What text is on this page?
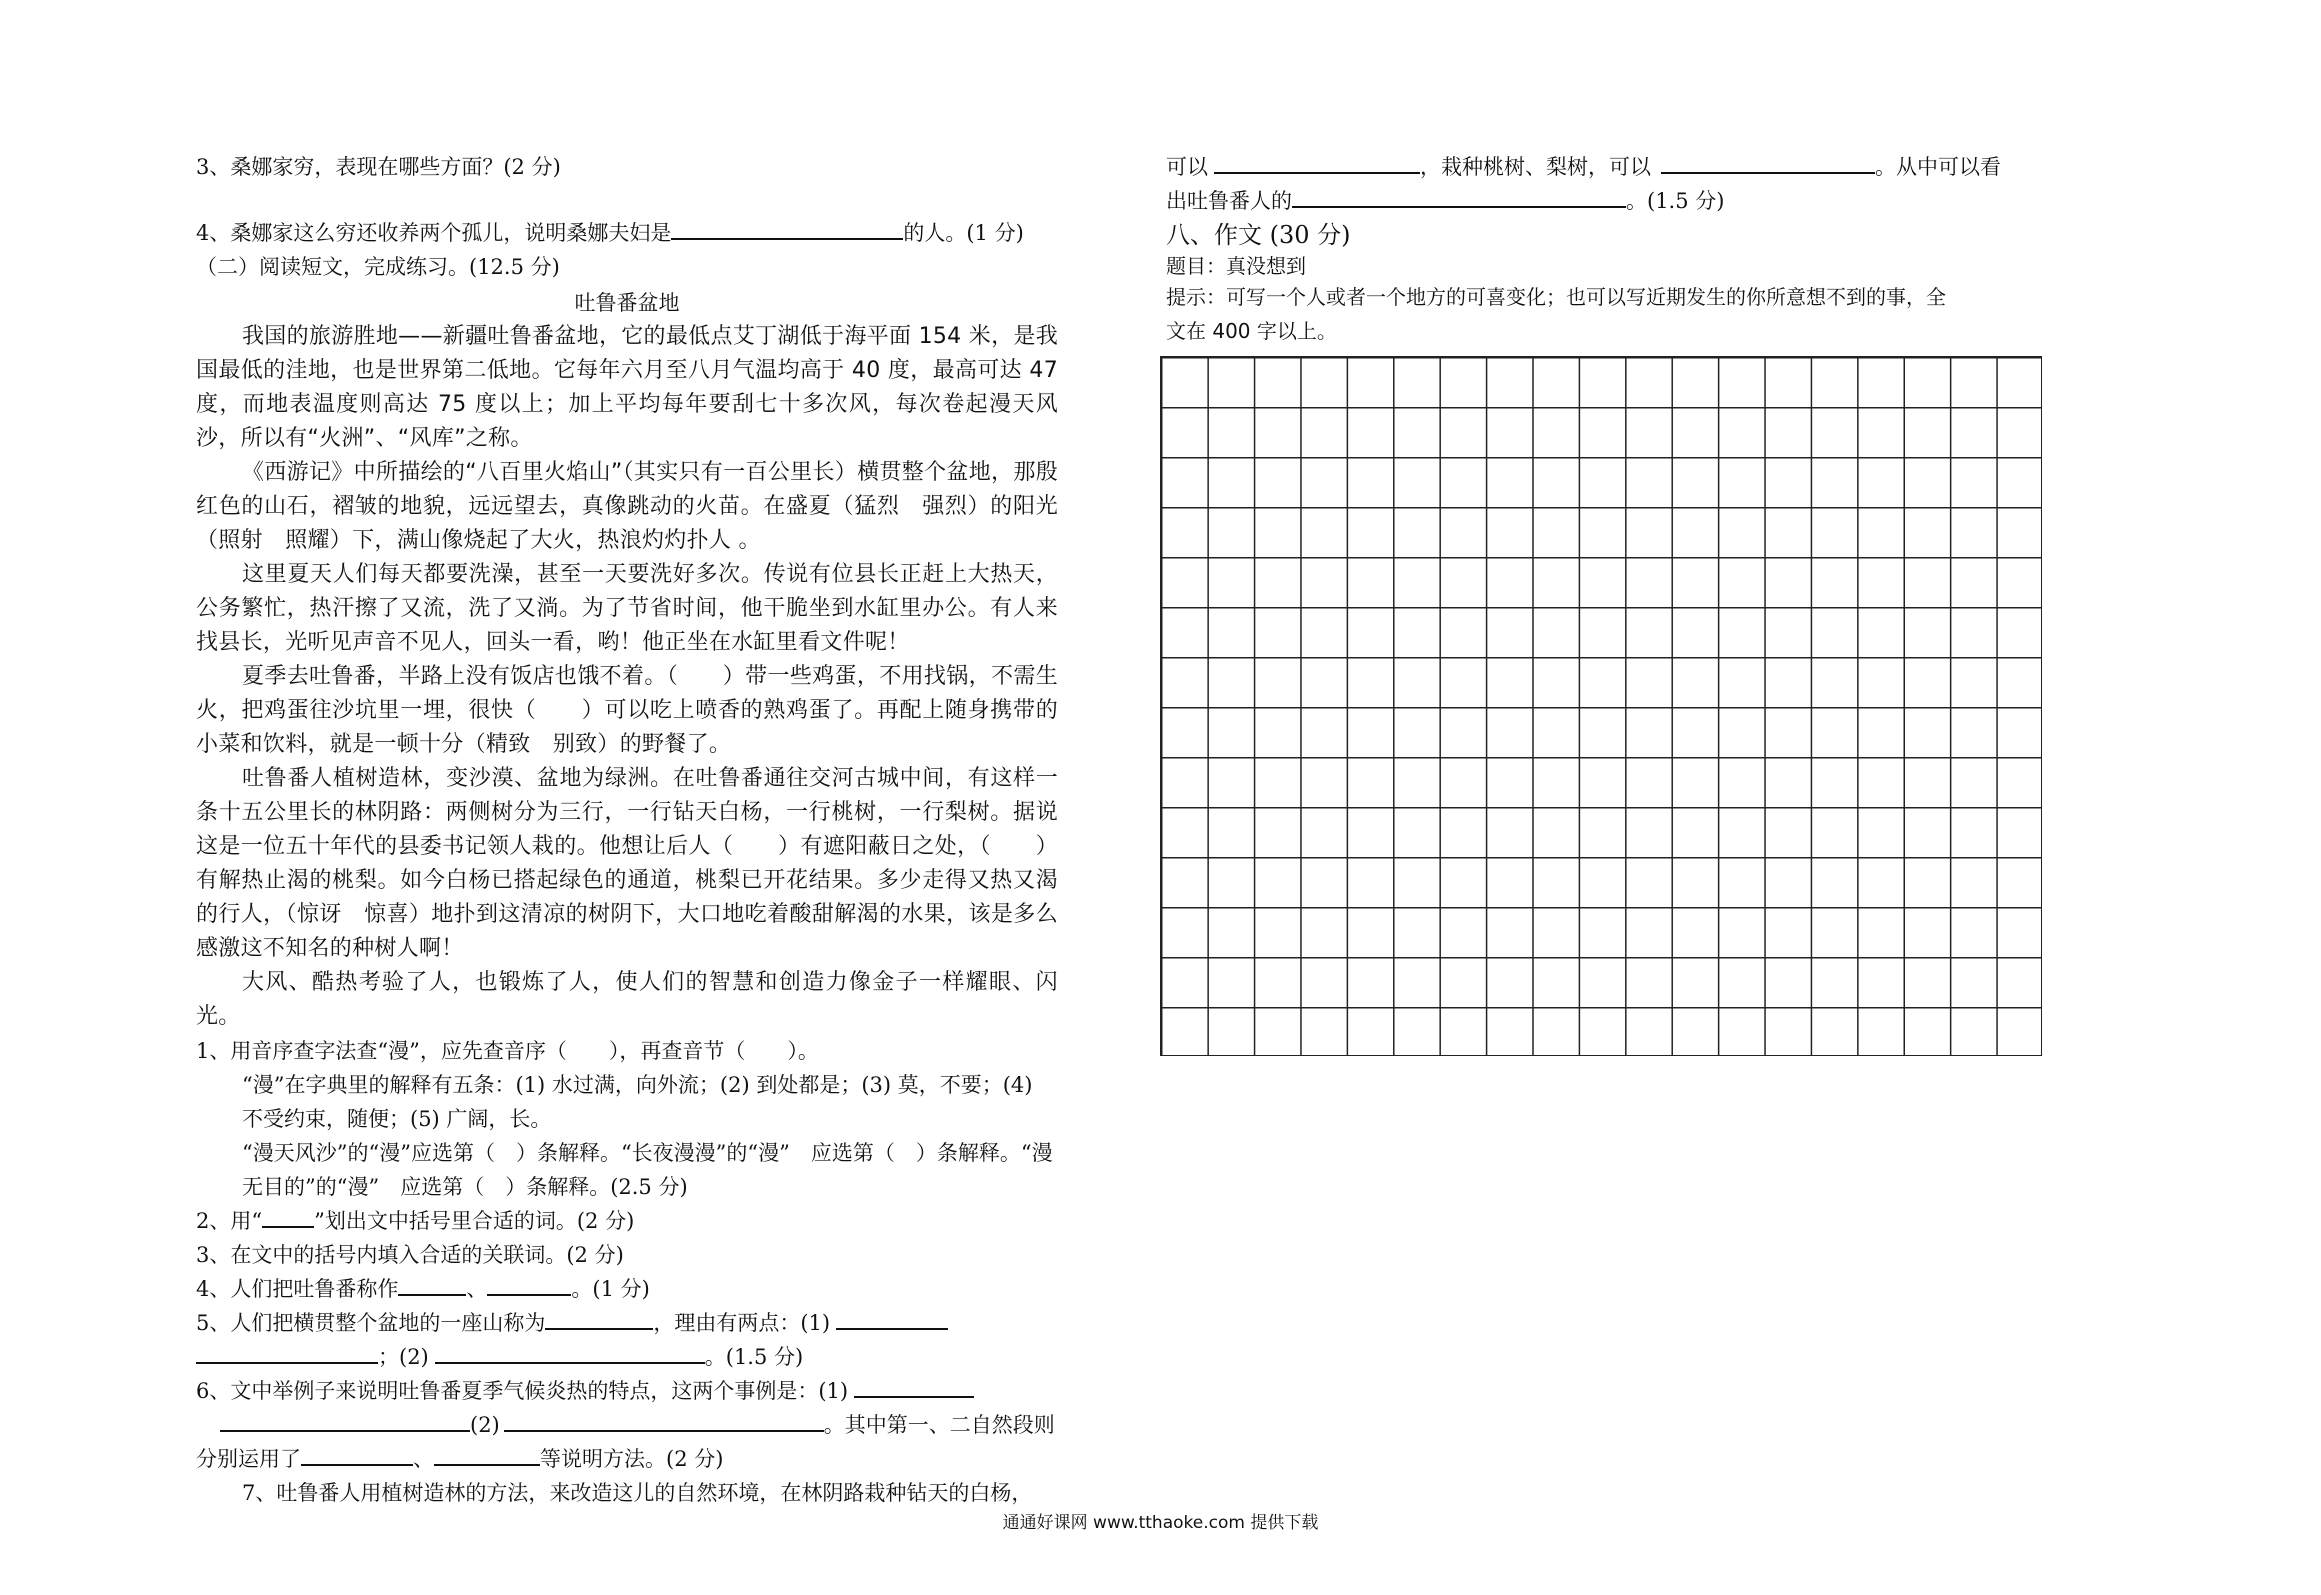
3、桑娜家穷，表现在哪些方面？(2 分)
4、桑娜家这么穷还收养两个孤儿，说明桑娜夫妇是	的人。(1 分)
（二）阅读短文，完成练习。(12.5 分)
吐鲁番盆地

我国的旅游胜地——新疆吐鲁番盆地，它的最低点艾丁湖低于海平面 154 米，是我国最低的洼地，也是世界第二低地。它每年六月至八月气温均高于 40 度，最高可达 47 度，而地表温度则高达 75 度以上；加上平均每年要刮七十多次风，每次卷起漫天风沙，所以有“火洲”、“风库”之称。

《西游记》中所描绘的“八百里火焰山”（其实只有一百公里长）横贯整个盆地，那殷红色的山石，褶皱的地貌，远远望去，真像跳动的火苗。在盛夏（猛烈　强烈）的阳光（照射　照耀）下，满山像烧起了大火，热浪灼灼扑人 。

这里夏天人们每天都要洗澡，甚至一天要洗好多次。传说有位县长正赶上大热天，公务繁忙，热汗擦了又流，洗了又淌。为了节省时间，他干脆坐到水缸里办公。有人来找县长，光听见声音不见人，回头一看，哟！他正坐在水缸里看文件呢！

夏季去吐鲁番，半路上没有饭店也饿不着。（　　）带一些鸡蛋，不用找锅，不需生火，把鸡蛋往沙坑里一埋，很快（　　）可以吃上喷香的熟鸡蛋了。再配上随身携带的小菜和饮料，就是一顿十分（精致　别致）的野餐了。

吐鲁番人植树造林，变沙漠、盆地为绿洲。在吐鲁番通往交河古城中间，有这样一条十五公里长的林阴路：两侧树分为三行，一行钻天白杨，一行桃树，一行梨树。据说这是一位五十年代的县委书记领人栽的。他想让后人（　　）有遮阳蔽日之处，（　　）有解热止渴的桃梨。如今白杨已搭起绿色的通道，桃梨已开花结果。多少走得又热又渴的行人，（惊讶　惊喜）地扑到这清凉的树阴下，大口地吃着酸甜解渴的水果，该是多么感激这不知名的种树人啊！

大风、酷热考验了人，也锻炼了人，使人们的智慧和创造力像金子一样耀眼、闪光。

1、用音序查字法查“漫”，应先查音序（　　），再查音节（　　）。
“漫”在字典里的解释有五条：(1) 水过满，向外流；(2) 到处都是；(3) 莫，不要；(4) 不受约束，随便；(5) 广阔，长。
“漫天风沙”的“漫”应选第（　）条解释。“长夜漫漫”的“漫”　应选第（　）条解释。“漫无目的”的“漫”　应选第（　）条解释。(2.5 分)
2、用“ ”划出文中括号里合适的词。(2 分)
3、在文中的括号内填入合适的关联词。(2 分)
4、人们把吐鲁番称作	、	。(1 分)
5、人们把横贯整个盆地的一座山称为	，理由有两点：(1)
；(2)	。(1.5 分)
6、文中举例子来说明吐鲁番夏季气候炎热的特点，这两个事例是：(1)
(2)	。其中第一、二自然段则
分别运用了	、	等说明方法。(2 分)
7、吐鲁番人用植树造林的方法，来改造这儿的自然环境，在林阴路栽种钻天的白杨，
可以	，栽种桃树、梨树，可以	。从中可以看
出吐鲁番人的	。(1.5 分)
八、作文 (30 分)
题目：真没想到
提示：可写一个人或者一个地方的可喜变化；也可以写近期发生的你所意想不到的事，全
文在 400 字以上。
通通好课网 www.tthaoke.com 提供下载
